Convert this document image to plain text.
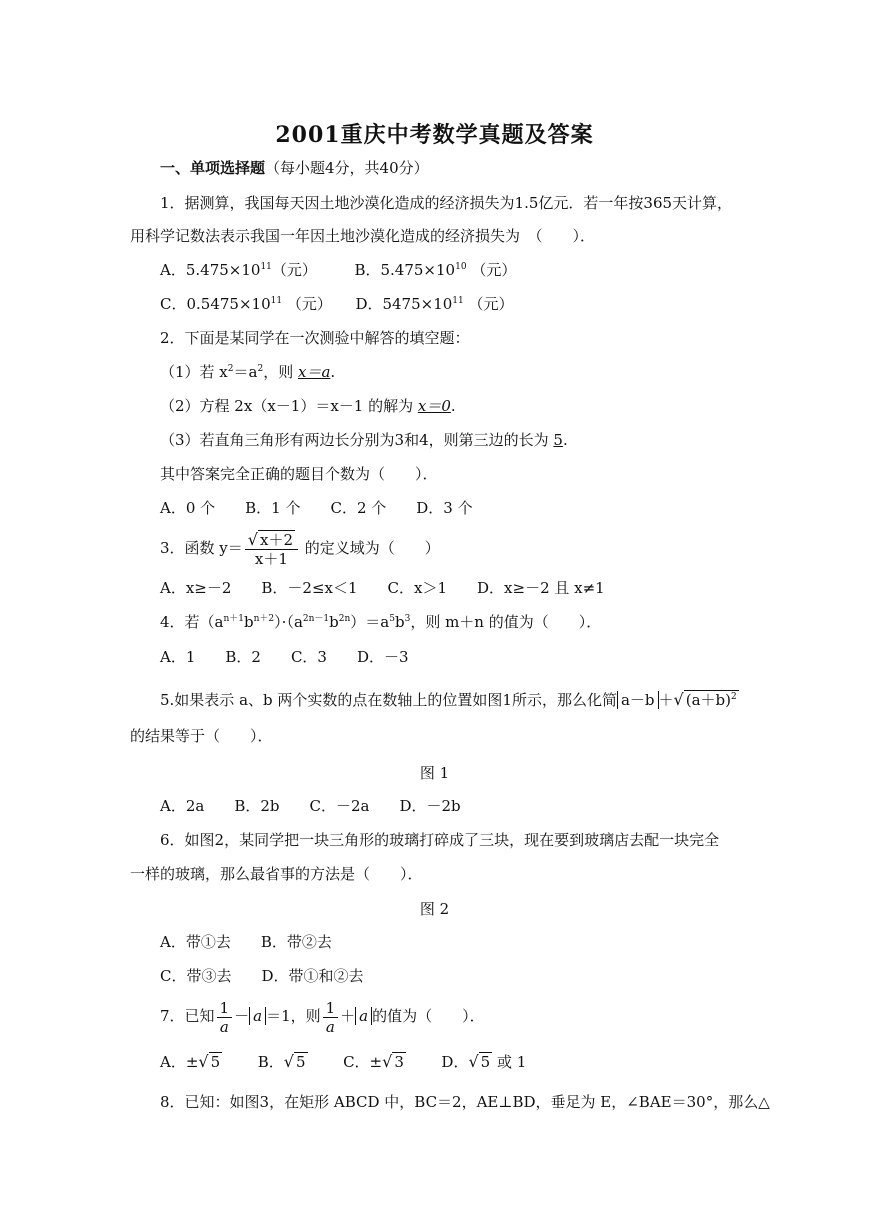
2001重庆中考数学真题及答案
一、单项选择题（每小题4分，共40分）
1．据测算，我国每天因土地沙漠化造成的经济损失为1.5亿元．若一年按365天计算，
用科学记数法表示我国一年因土地沙漠化造成的经济损失为　（　　）．
A．$5.475\times 10^{11}$（元）	B．$5.475\times 10^{10}$ （元）
C．$0.5475\times 10^{11}$ （元） D．$5475\times 10^{11}$ （元）
2．下面是某同学在一次测验中解答的填空题：
（1）若 $x^2=a^2$，则 x＝a.
（2）方程 2x（x－1）＝x－1 的解为 x＝0.
（3）若直角三角形有两边长分别为3和4，则第三边的长为 5.
其中答案完全正确的题目个数为（　　）．
A．0 个　　B．1 个　　C．2 个　　D．3 个
3．函数 $y= \frac{√ x+2}{x+1}$ 的定义域为（　　）
A．x≥－2　　B．－2≤x＜1　　C．x＞1　　D．x≥－2 且 x≠1
4．若$(a^{n+1}b^{n+2})\cdot(a^{2n-1}b^{2n})=a^5b^3$，则 m＋n 的值为（　　）．
A．1　　B．2　　C．3　　D．－3
5.如果表示 a、b 两个实数的点在数轴上的位置如图1所示，那么化简 a－b ＋√ $(a+b)^2$
的结果等于（　　）．
图 1
A．2a　　B．2b　　C．－2a　　D．－2b
6．如图2，某同学把一块三角形的玻璃打碎成了三块，现在要到玻璃店去配一块完全
一样的玻璃，那么最省事的方法是（　　）．
图 2
A．带①去　　B．带②去
C．带③去　　D．带①和②去
7．已知 $\frac{1}{a} - a =1$，则 $\frac{1}{a} + a$ 的值为（　　）．
A．±√ 5	B．√ 5	C．±√ 3	D．√ 5 或 1
8．已知：如图3，在矩形 ABCD 中，BC＝2，AE⊥BD，垂足为 E，∠BAE＝30°，那么△
